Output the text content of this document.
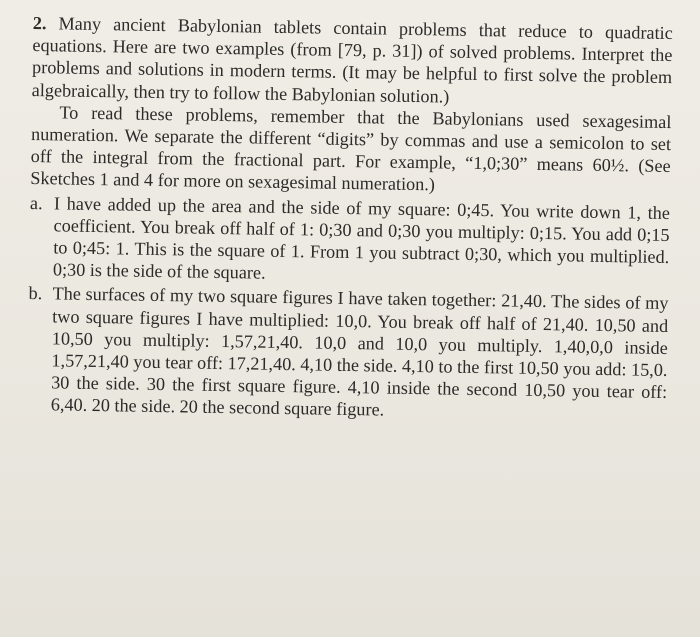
2. Many ancient Babylonian tablets contain problems that reduce to quadratic equations. Here are two examples (from [79, p. 31]) of solved problems. Interpret the problems and solutions in modern terms. (It may be helpful to first solve the problem algebraically, then try to follow the Babylonian solution.)

To read these problems, remember that the Babylonians used sexagesimal numeration. We separate the different “digits” by commas and use a semicolon to set off the integral from the fractional part. For example, “1,0;30” means 60½. (See Sketches 1 and 4 for more on sexagesimal numeration.)

a. I have added up the area and the side of my square: 0;45. You write down 1, the coefficient. You break off half of 1: 0;30 and 0;30 you multiply: 0;15. You add 0;15 to 0;45: 1. This is the square of 1. From 1 you subtract 0;30, which you multiplied. 0;30 is the side of the square.
b. The surfaces of my two square figures I have taken together: 21,40. The sides of my two square figures I have multiplied: 10,0. You break off half of 21,40. 10,50 and 10,50 you multiply: 1,57,21,40. 10,0 and 10,0 you multiply. 1,40,0,0 inside 1,57,21,40 you tear off: 17,21,40. 4,10 the side. 4,10 to the first 10,50 you add: 15,0. 30 the side. 30 the first square figure. 4,10 inside the second 10,50 you tear off: 6,40. 20 the side. 20 the second square figure.
